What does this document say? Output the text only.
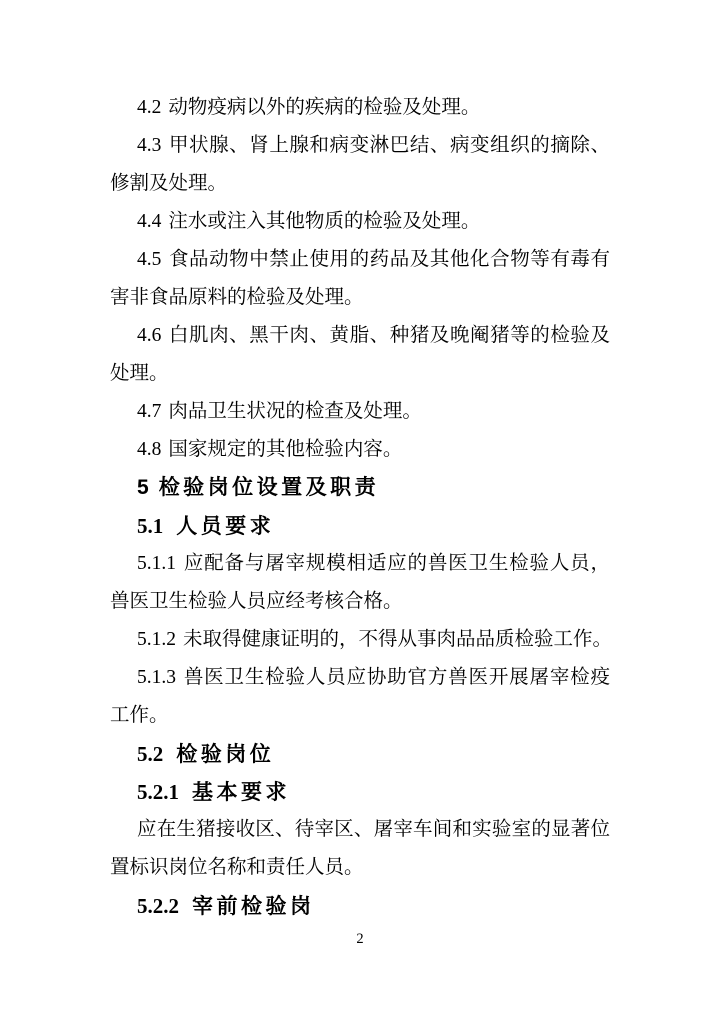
4.2 动物疫病以外的疾病的检验及处理。
4.3 甲状腺、肾上腺和病变淋巴结、病变组织的摘除、
修割及处理。
4.4 注水或注入其他物质的检验及处理。
4.5 食品动物中禁止使用的药品及其他化合物等有毒有
害非食品原料的检验及处理。
4.6 白肌肉、黑干肉、黄脂、种猪及晚阉猪等的检验及
处理。
4.7 肉品卫生状况的检查及处理。
4.8 国家规定的其他检验内容。
5 检验岗位设置及职责
5.1 人员要求
5.1.1 应配备与屠宰规模相适应的兽医卫生检验人员，
兽医卫生检验人员应经考核合格。
5.1.2 未取得健康证明的，不得从事肉品品质检验工作。
5.1.3 兽医卫生检验人员应协助官方兽医开展屠宰检疫
工作。
5.2 检验岗位
5.2.1 基本要求
应在生猪接收区、待宰区、屠宰车间和实验室的显著位
置标识岗位名称和责任人员。
5.2.2 宰前检验岗
2
